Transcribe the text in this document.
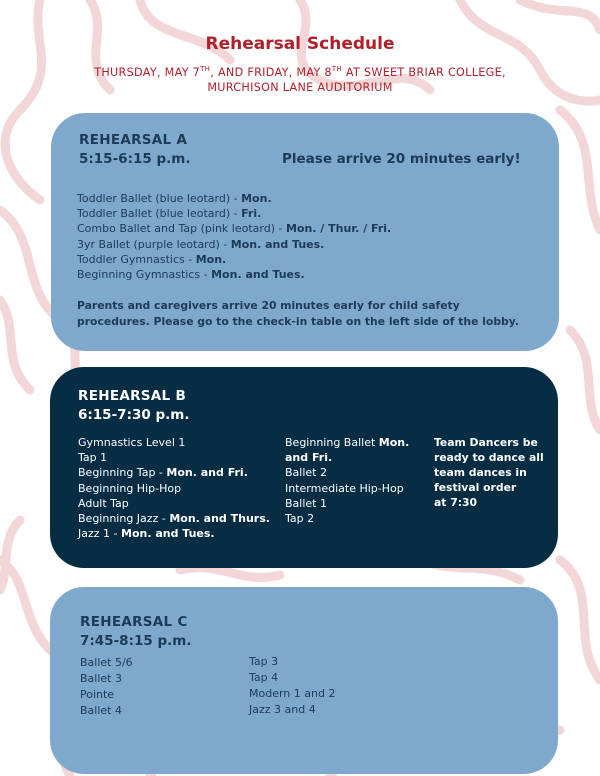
Rehearsal Schedule
THURSDAY, MAY 7TH, AND FRIDAY, MAY 8TH AT SWEET BRIAR COLLEGE, MURCHISON LANE AUDITORIUM
REHEARSAL A
5:15-6:15 p.m.	Please arrive 20 minutes early!
Toddler Ballet (blue leotard) - Mon.
Toddler Ballet (blue leotard) - Fri.
Combo Ballet and Tap (pink leotard) - Mon. / Thur. / Fri.
3yr Ballet (purple leotard) - Mon. and Tues.
Toddler Gymnastics - Mon.
Beginning Gymnastics - Mon. and Tues.
Parents and caregivers arrive 20 minutes early for child safety
procedures. Please go to the check-in table on the left side of the lobby.
REHEARSAL B
6:15-7:30 p.m.
Gymnastics Level 1
Tap 1
Beginning Tap - Mon. and Fri.
Beginning Hip-Hop
Adult Tap
Beginning Jazz - Mon. and Thurs.
Jazz 1 - Mon. and Tues.
Beginning Ballet Mon.
and Fri.
Ballet 2
Intermediate Hip-Hop
Ballet 1
Tap 2
Team Dancers be
ready to dance all
team dances in
festival order
at 7:30
REHEARSAL C
7:45-8:15 p.m.
Ballet 5/6
Ballet 3
Pointe
Ballet 4
Tap 3
Tap 4
Modern 1 and 2
Jazz 3 and 4
